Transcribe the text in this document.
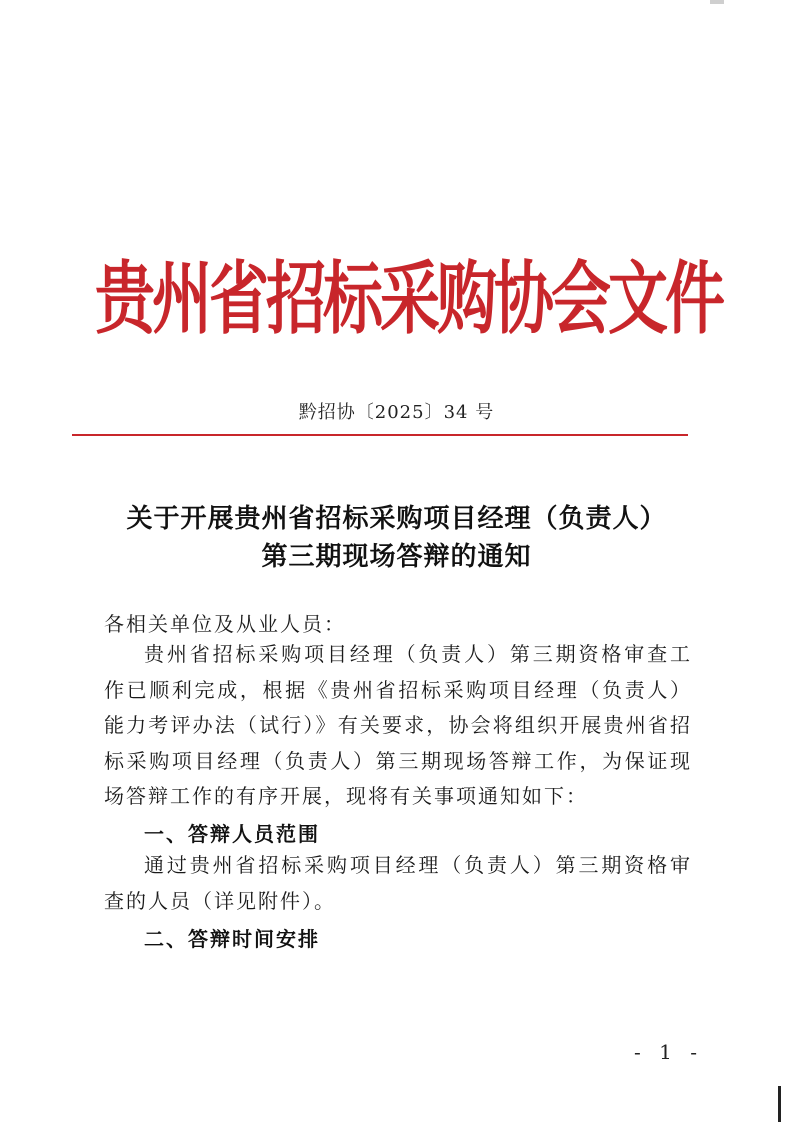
贵州省招标采购协会文件
黔招协〔2025〕34 号
关于开展贵州省招标采购项目经理（负责人）
第三期现场答辩的通知
各相关单位及从业人员：
贵州省招标采购项目经理（负责人）第三期资格审查工作已顺利完成，根据《贵州省招标采购项目经理（负责人）能力考评办法（试行）》有关要求，协会将组织开展贵州省招标采购项目经理（负责人）第三期现场答辩工作，为保证现场答辩工作的有序开展，现将有关事项通知如下：
一、答辩人员范围
通过贵州省招标采购项目经理（负责人）第三期资格审查的人员（详见附件）。
二、答辩时间安排
- 1 -
